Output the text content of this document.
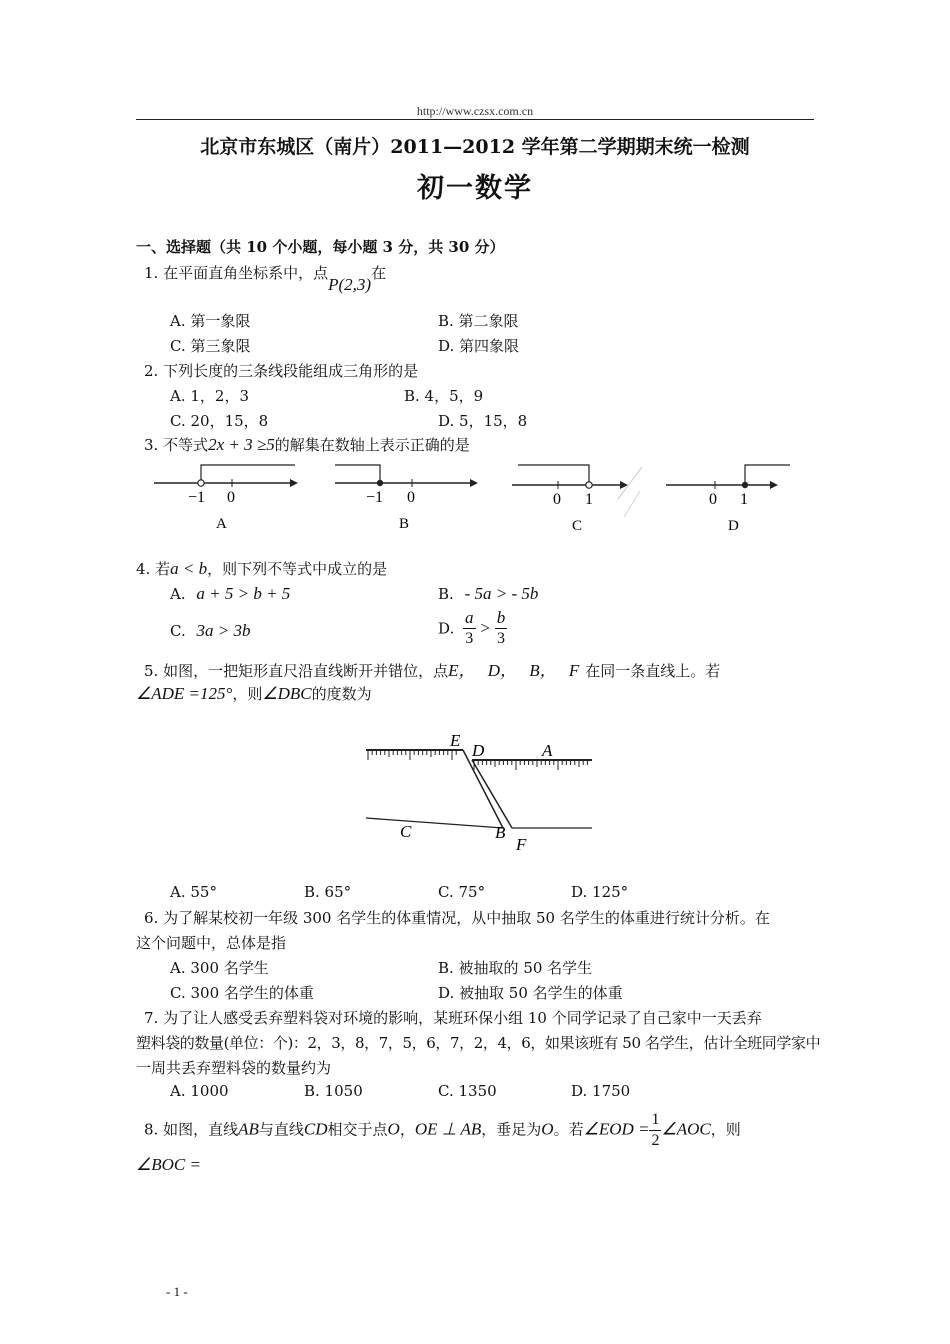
http://www.czsx.com.cn
北京市东城区（南片）2011—2012 学年第二学期期末统一检测
初一数学
一、选择题（共 10 个小题，每小题 3 分，共 30 分）
1. 在平面直角坐标系中，点P(2,3)在
A. 第一象限	B. 第二象限
C. 第三象限	D. 第四象限
2. 下列长度的三条线段能组成三角形的是
A. 1，2，3	B. 4，5，9
C. 20，15，8	D. 5，15，8
3. 不等式2x + 3 ≥5的解集在数轴上表示正确的是
−1 0
A
−1 0
B
0 1
C
0 1
D
4. 若a < b，则下列不等式中成立的是
A. a + 5 > b + 5	B. - 5a > - 5b
C. 3a > 3b	D. $\frac{a}{3} > \frac{b}{3}$
5. 如图，一把矩形直尺沿直线断开并错位，点E， D， B， F 在同一条直线上。若
∠ADE =125°，则∠DBC的度数为
E
D	A
C	B
F
A. 55°	B. 65°	C. 75°	D. 125°
6. 为了解某校初一年级 300 名学生的体重情况，从中抽取 50 名学生的体重进行统计分析。在
这个问题中，总体是指
A. 300 名学生	B. 被抽取的 50 名学生
C. 300 名学生的体重	D. 被抽取 50 名学生的体重
7. 为了让人感受丢弃塑料袋对环境的影响，某班环保小组 10 个同学记录了自己家中一天丢弃
塑料袋的数量(单位：个)：2，3，8，7，5，6，7，2，4，6，如果该班有 50 名学生，估计全班同学家中
一周共丢弃塑料袋的数量约为
A. 1000	B. 1050	C. 1350	D. 1750
8. 如图，直线AB与直线CD相交于点O，OE ⊥ AB，垂足为O。若∠EOD = $\frac{1}{2}$ ∠AOC，则
∠BOC =
- 1 -
